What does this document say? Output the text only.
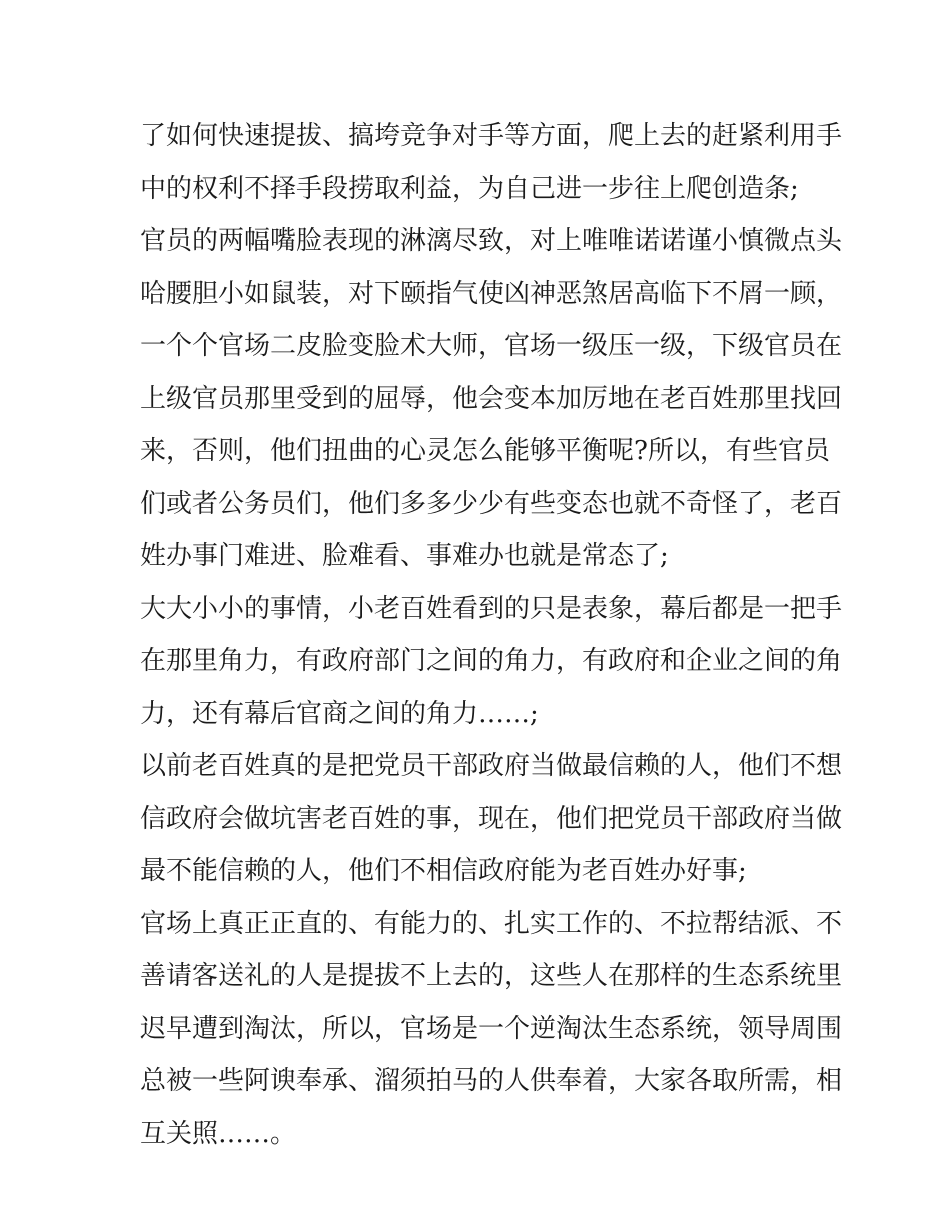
了如何快速提拔、搞垮竞争对手等方面，爬上去的赶紧利用手
中的权利不择手段捞取利益，为自己进一步往上爬创造条;
官员的两幅嘴脸表现的淋漓尽致，对上唯唯诺诺谨小慎微点头
哈腰胆小如鼠装，对下颐指气使凶神恶煞居高临下不屑一顾，
一个个官场二皮脸变脸术大师，官场一级压一级，下级官员在
上级官员那里受到的屈辱，他会变本加厉地在老百姓那里找回
来，否则，他们扭曲的心灵怎么能够平衡呢?所以，有些官员
们或者公务员们，他们多多少少有些变态也就不奇怪了，老百
姓办事门难进、脸难看、事难办也就是常态了;
大大小小的事情，小老百姓看到的只是表象，幕后都是一把手
在那里角力，有政府部门之间的角力，有政府和企业之间的角
力，还有幕后官商之间的角力……;
以前老百姓真的是把党员干部政府当做最信赖的人，他们不想
信政府会做坑害老百姓的事，现在，他们把党员干部政府当做
最不能信赖的人，他们不相信政府能为老百姓办好事;
官场上真正正直的、有能力的、扎实工作的、不拉帮结派、不
善请客送礼的人是提拔不上去的，这些人在那样的生态系统里
迟早遭到淘汰，所以，官场是一个逆淘汰生态系统，领导周围
总被一些阿谀奉承、溜须拍马的人供奉着，大家各取所需，相
互关照……。
